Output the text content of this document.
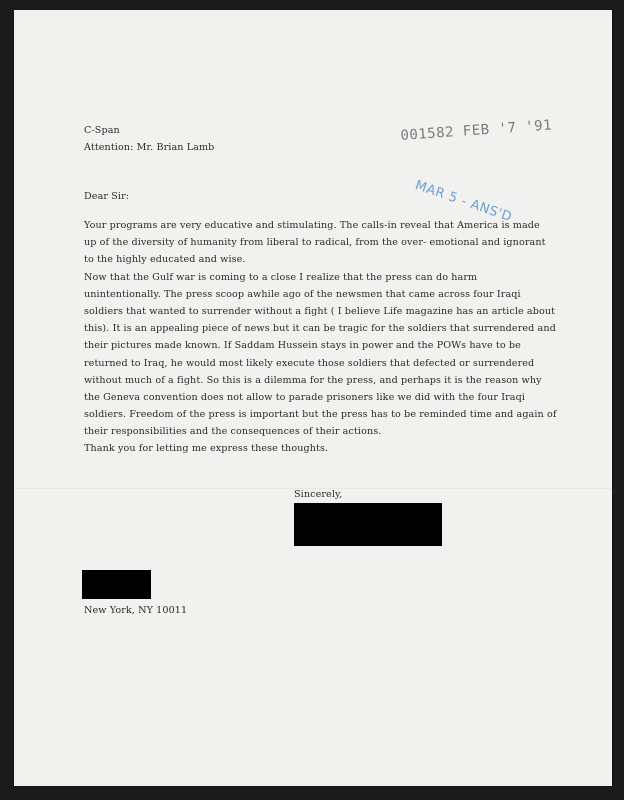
C-Span
Attention: Mr. Brian Lamb
001582 FEB '7 '91
MAR 5 - ANS'D
Dear Sir:
Your programs are very educative and stimulating. The calls-in reveal that America is made
up of the diversity of humanity from liberal to radical, from the over- emotional and ignorant
to the highly educated and wise.
Now that the Gulf war is coming to a close I realize that the press can do harm
unintentionally. The press scoop awhile ago of the newsmen that came across four Iraqi
soldiers that wanted to surrender without a fight ( I believe Life magazine has an article about
this). It is an appealing piece of news but it can be tragic for the soldiers that surrendered and
their pictures made known. If Saddam Hussein stays in power and the POWs have to be
returned to Iraq, he would most likely execute those soldiers that defected or surrendered
without much of a fight. So this is a dilemma for the press, and perhaps it is the reason why
the Geneva convention does not allow to parade prisoners like we did with the four Iraqi
soldiers. Freedom of the press is important but the press has to be reminded time and again of
their responsibilities and the consequences of their actions.
Thank you for letting me express these thoughts.
Sincerely,
New York, NY 10011
